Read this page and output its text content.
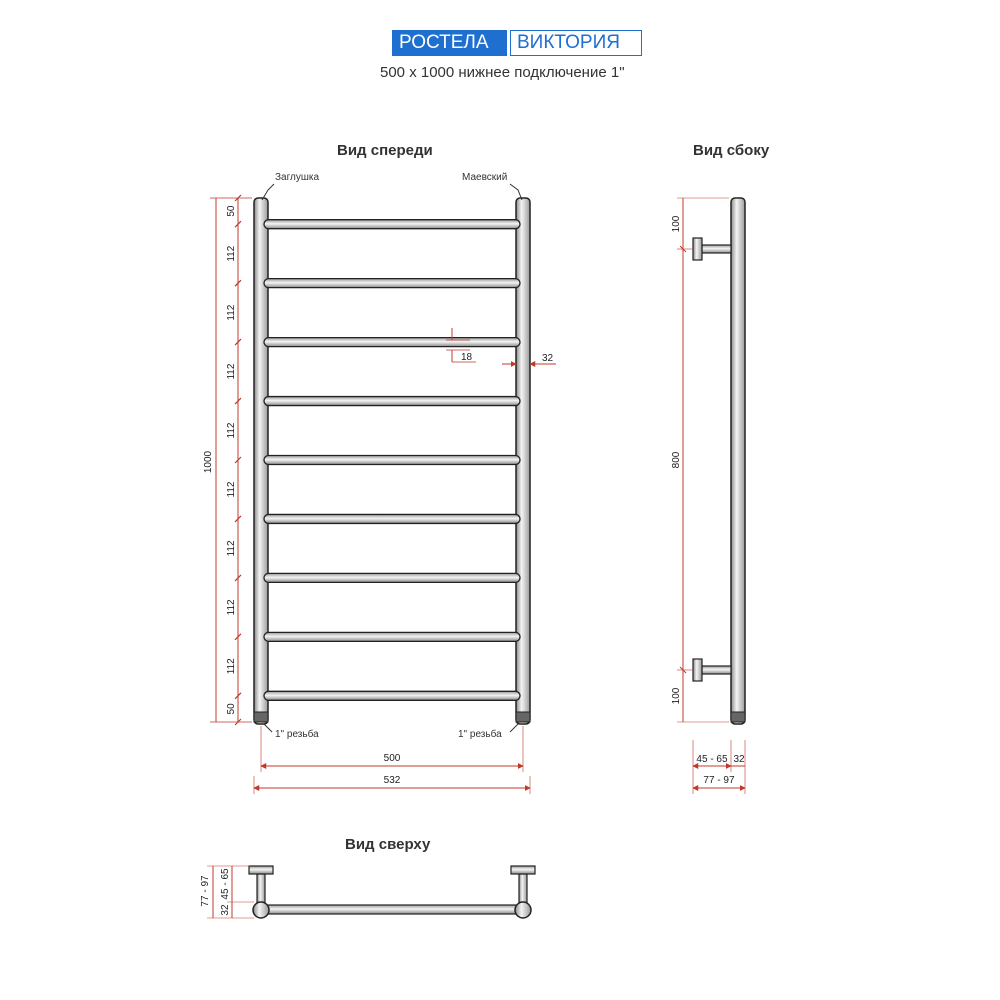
РОСТЕЛА	ВИКТОРИЯ
500 x 1000 нижнее подключение 1"
Вид спереди	Вид сбоку
Вид сверху
Заглушка	Маевский
1" резьба	1" резьба
50
112
112
112
112
112
112
112
112
50
1000
18	32
500
532
100
800
100
45 - 65 32
77 - 97
77 - 97 45 - 65
32
